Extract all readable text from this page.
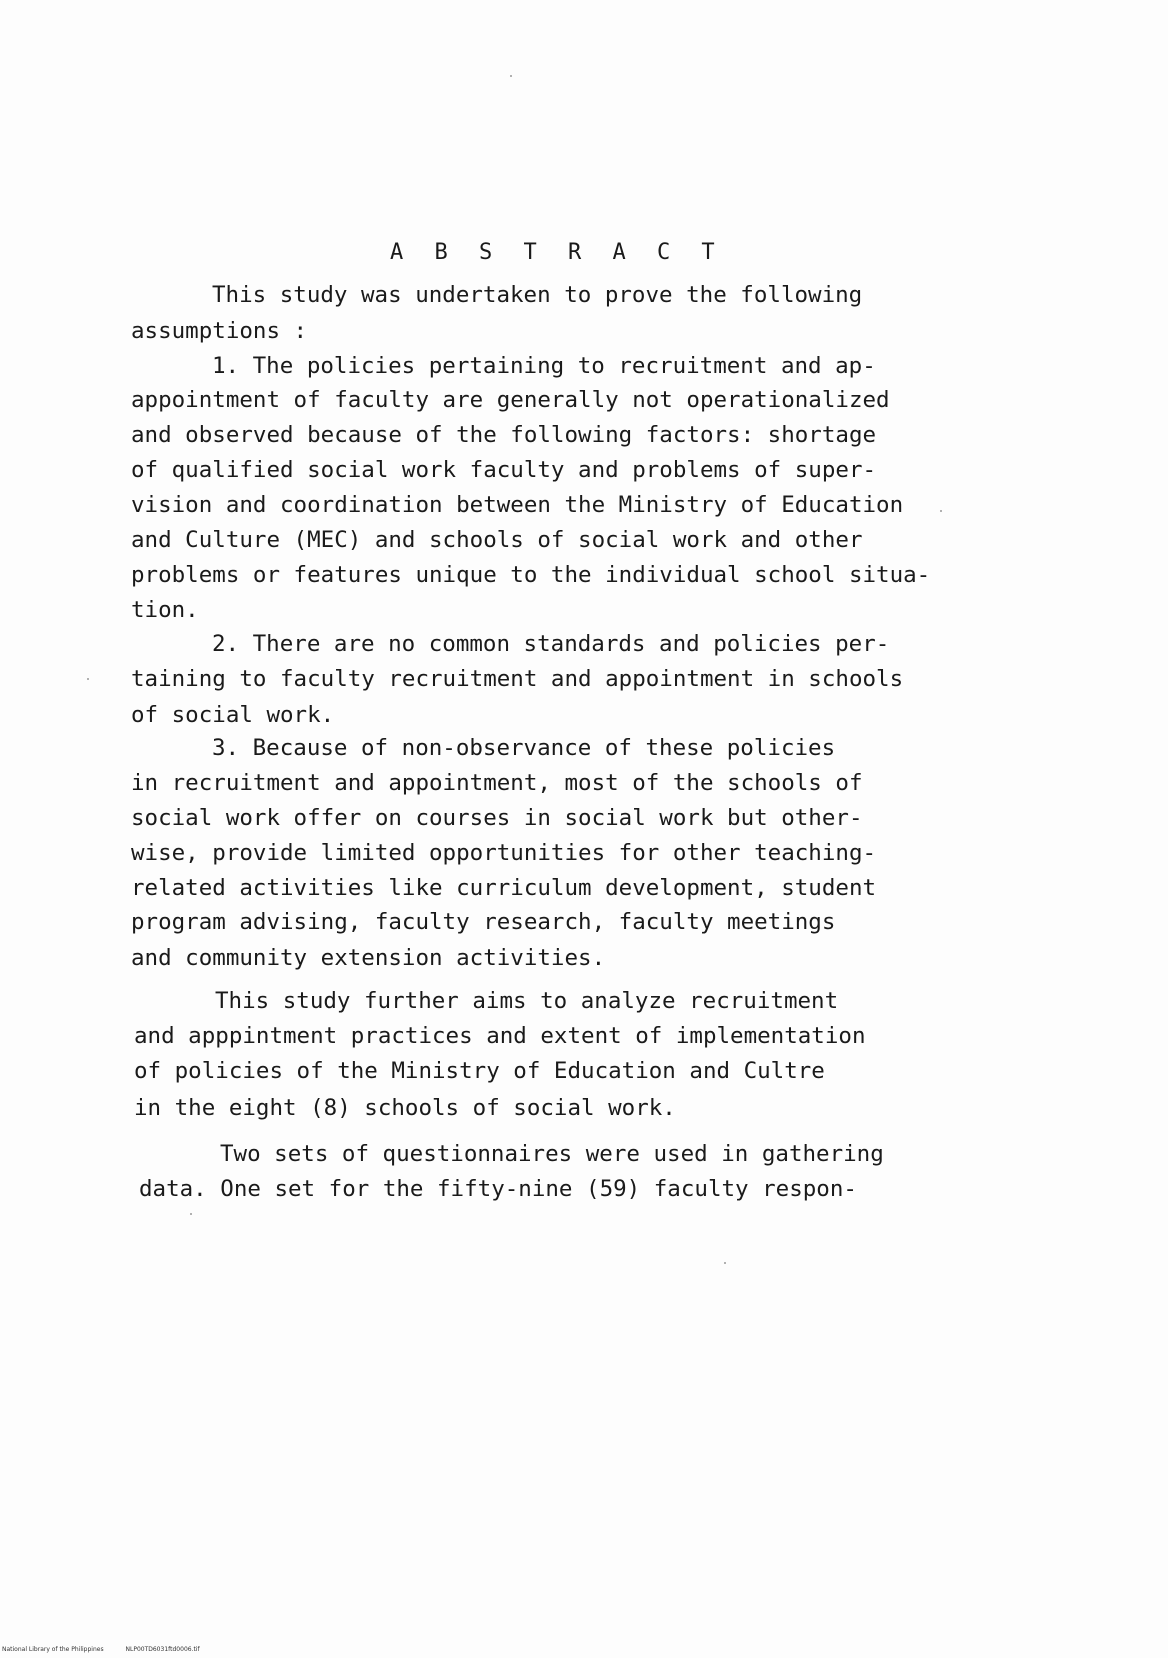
A B S T R A C T
This study was undertaken to prove the following
assumptions :
1. The policies pertaining to recruitment and ap-
appointment of faculty are generally not operationalized
and observed because of the following factors: shortage
of qualified social work faculty and problems of super-
vision and coordination between the Ministry of Education
and Culture (MEC) and schools of social work and other
problems or features unique to the individual school situa-
tion.
2. There are no common standards and policies per-
taining to faculty recruitment and appointment in schools
of social work.
3. Because of non-observance of these policies
in recruitment and appointment, most of the schools of
social work offer on courses in social work but other-
wise, provide limited opportunities for other teaching-
related activities like curriculum development, student
program advising, faculty research, faculty meetings
and community extension activities.
This study further aims to analyze recruitment
and apppintment practices and extent of implementation
of policies of the Ministry of Education and Cultre
in the eight (8) schools of social work.
Two sets of questionnaires were used in gathering
data. One set for the fifty-nine (59) faculty respon-
National Library of the Philippines	NLP00TD6031ftd0006.tif
